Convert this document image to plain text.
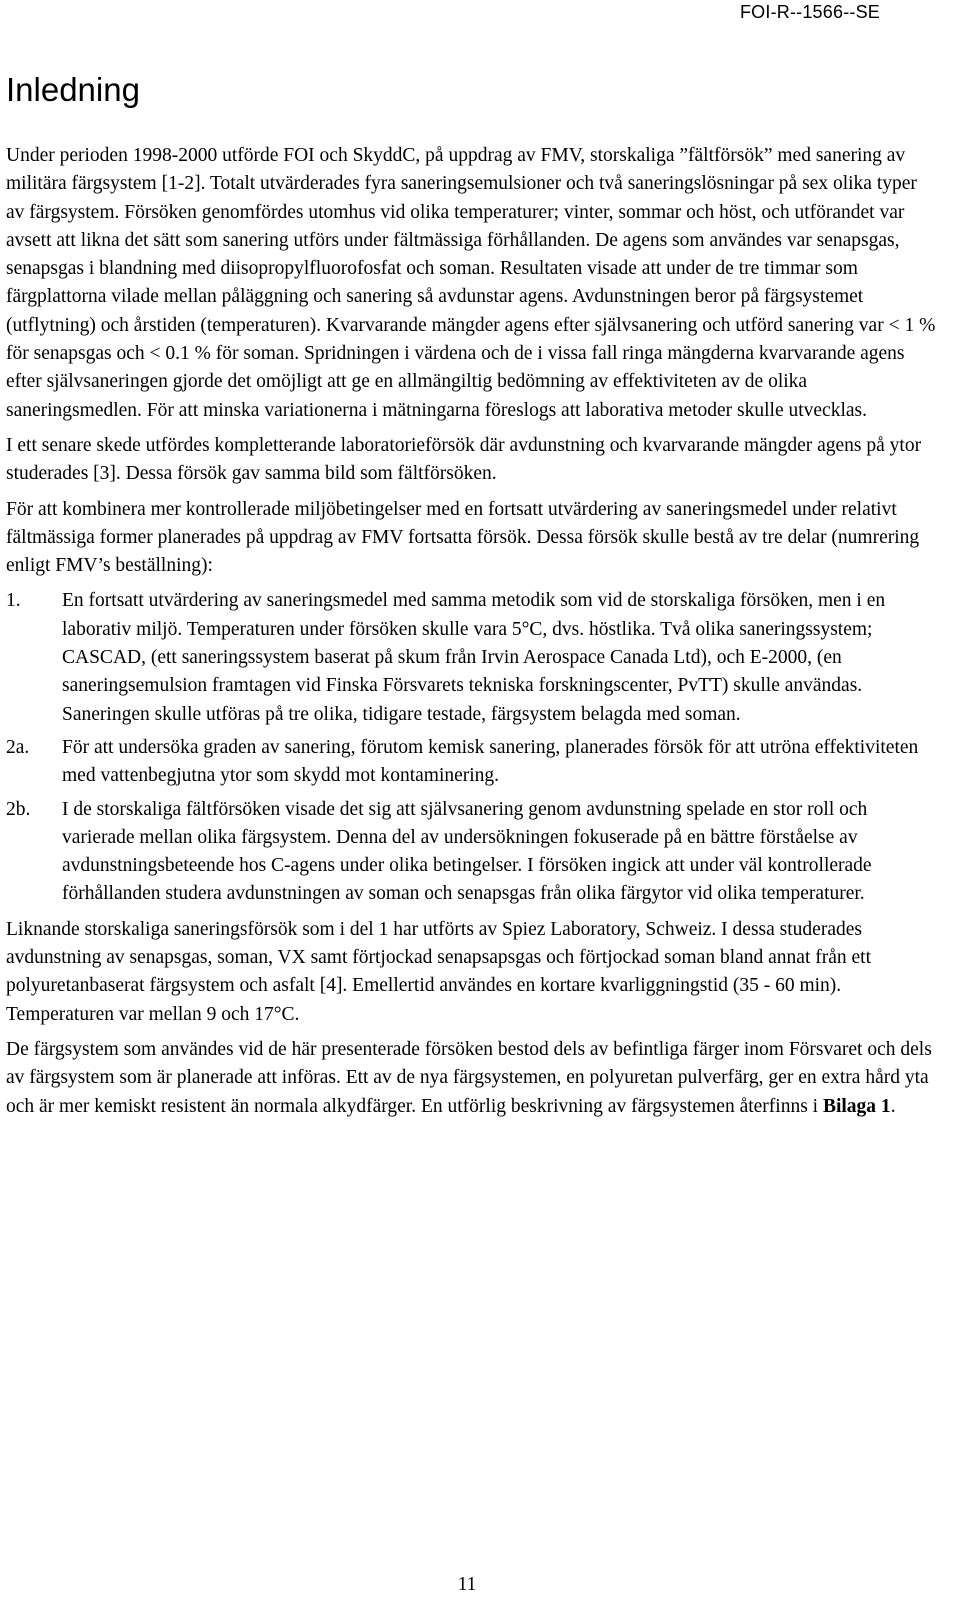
FOI-R--1566--SE
Inledning

Under perioden 1998-2000 utförde FOI och SkyddC, på uppdrag av FMV, storskaliga ”fältförsök” med sanering av militära färgsystem [1-2]. Totalt utvärderades fyra saneringsemulsioner och två saneringslösningar på sex olika typer av färgsystem. Försöken genomfördes utomhus vid olika temperaturer; vinter, sommar och höst, och utförandet var avsett att likna det sätt som sanering utförs under fältmässiga förhållanden. De agens som användes var senapsgas, senapsgas i blandning med diisopropylfluorofosfat och soman. Resultaten visade att under de tre timmar som färgplattorna vilade mellan påläggning och sanering så avdunstar agens. Avdunstningen beror på färgsystemet (utflytning) och årstiden (temperaturen). Kvarvarande mängder agens efter självsanering och utförd sanering var < 1 % för senapsgas och < 0.1 % för soman. Spridningen i värdena och de i vissa fall ringa mängderna kvarvarande agens efter självsaneringen gjorde det omöjligt att ge en allmängiltig bedömning av effektiviteten av de olika saneringsmedlen. För att minska variationerna i mätningarna föreslogs att laborativa metoder skulle utvecklas.

I ett senare skede utfördes kompletterande laboratorieförsök där avdunstning och kvarvarande mängder agens på ytor studerades [3]. Dessa försök gav samma bild som fältförsöken.

För att kombinera mer kontrollerade miljöbetingelser med en fortsatt utvärdering av saneringsmedel under relativt fältmässiga former planerades på uppdrag av FMV fortsatta försök. Dessa försök skulle bestå av tre delar (numrering enligt FMV’s beställning):

1.	En fortsatt utvärdering av saneringsmedel med samma metodik som vid de storskaliga försöken, men i en laborativ miljö. Temperaturen under försöken skulle vara 5°C, dvs. höstlika. Två olika saneringssystem; CASCAD, (ett saneringssystem baserat på skum från Irvin Aerospace Canada Ltd), och E-2000, (en saneringsemulsion framtagen vid Finska Försvarets tekniska forskningscenter, PvTT) skulle användas. Saneringen skulle utföras på tre olika, tidigare testade, färgsystem belagda med soman.
2a.	För att undersöka graden av sanering, förutom kemisk sanering, planerades försök för att utröna effektiviteten med vattenbegjutna ytor som skydd mot kontaminering.
2b.	I de storskaliga fältförsöken visade det sig att självsanering genom avdunstning spelade en stor roll och varierade mellan olika färgsystem. Denna del av undersökningen fokuserade på en bättre förståelse av avdunstningsbeteende hos C-agens under olika betingelser. I försöken ingick att under väl kontrollerade förhållanden studera avdunstningen av soman och senapsgas från olika färgytor vid olika temperaturer.

Liknande storskaliga saneringsförsök som i del 1 har utförts av Spiez Laboratory, Schweiz. I dessa studerades avdunstning av senapsgas, soman, VX samt förtjockad senapsapsgas och förtjockad soman bland annat från ett polyuretanbaserat färgsystem och asfalt [4]. Emellertid användes en kortare kvarliggningstid (35 - 60 min). Temperaturen var mellan 9 och 17°C.

De färgsystem som användes vid de här presenterade försöken bestod dels av befintliga färger inom Försvaret och dels av färgsystem som är planerade att införas. Ett av de nya färgsystemen, en polyuretan pulverfärg, ger en extra hård yta och är mer kemiskt resistent än normala alkydfärger. En utförlig beskrivning av färgsystemen återfinns i Bilaga 1.

11
